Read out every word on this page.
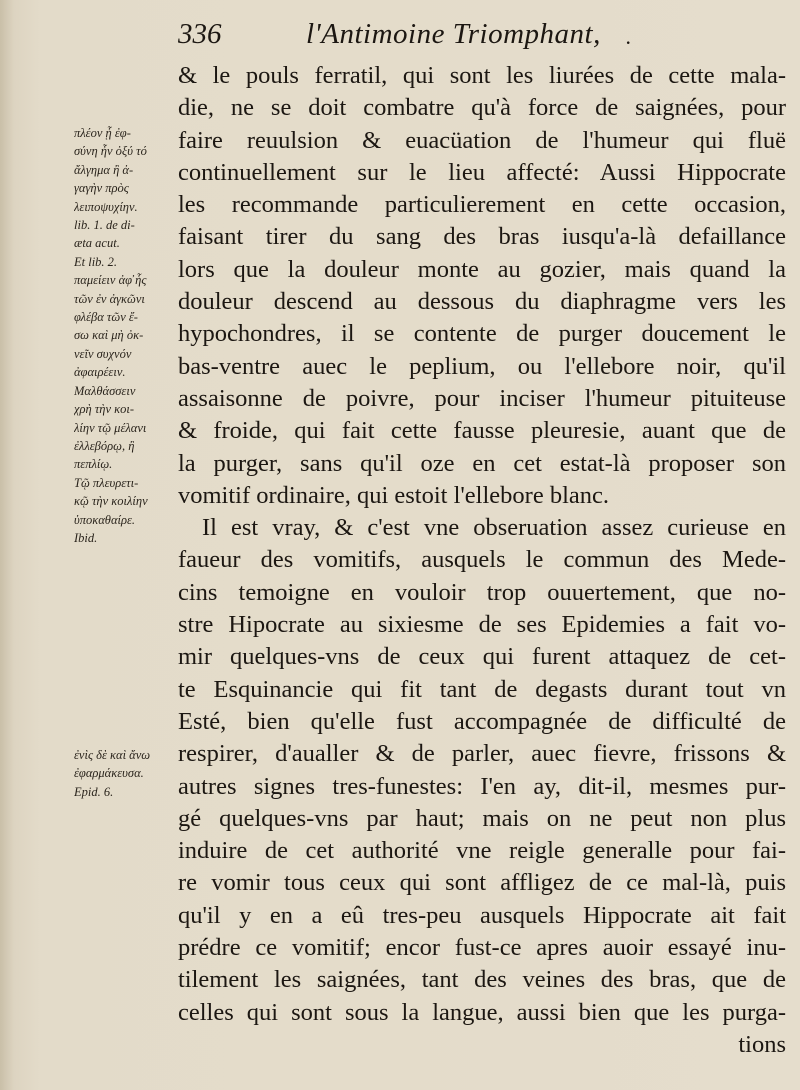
336	l'Antimoine Triomphant, .
& le pouls ferratil, qui sont les liurées de cette mala-
die, ne se doit combatre qu'à force de saignées, pour
faire reuulsion & euacüation de l'humeur qui fluë
continuellement sur le lieu affecté: Aussi Hippocrate
les recommande particulierement en cette occasion,
faisant tirer du sang des bras iusqu'a-là defaillance
lors que la douleur monte au gozier, mais quand la
douleur descend au dessous du diaphragme vers les
hypochondres, il se contente de purger doucement le
bas-ventre auec le peplium, ou l'ellebore noir, qu'il
assaisonne de poivre, pour inciser l'humeur pituiteuse
& froide, qui fait cette fausse pleuresie, auant que de
la purger, sans qu'il oze en cet estat-là proposer son
vomitif ordinaire, qui estoit l'ellebore blanc.
Il est vray, & c'est vne obseruation assez curieuse en
faueur des vomitifs, ausquels le commun des Mede-
cins temoigne en vouloir trop ouuertement, que no-
stre Hipocrate au sixiesme de ses Epidemies a fait vo-
mir quelques-vns de ceux qui furent attaquez de cet-
te Esquinancie qui fit tant de degasts durant tout vn
Esté, bien qu'elle fust accompagnée de difficulté de
respirer, d'aualler & de parler, auec fievre, frissons &
autres signes tres-funestes: I'en ay, dit-il, mesmes pur-
gé quelques-vns par haut; mais on ne peut non plus
induire de cet authorité vne reigle generalle pour fai-
re vomir tous ceux qui sont affligez de ce mal-là, puis
qu'il y en a eû tres-peu ausquels Hippocrate ait fait
prédre ce vomitif; encor fust-ce apres auoir essayé inu-
tilement les saignées, tant des veines des bras, que de
celles qui sont sous la langue, aussi bien que les purga-
tions
πλέον ᾗ ἐφ-
σύνη ἦν ὀξύ τό
ἄλγημα ἢ ἀ-
γαγὴν πρὸς
λειποψυχίην.
lib. 1. de di-
æta acut.
Et lib. 2.
παμείειν ἀφ̓ ἧς
τῶν ἐν ἀγκῶνι
φλέβα τῶν ἔ-
σω καὶ μὴ ὀκ-
νεῖν συχνόν
ἀφαιρέειν.
Μαλθάσσειν
χρὴ τὴν κοι-
λίην τῷ μέλανι
ἐλλεβόρῳ, ἢ
πεπλίῳ.
Τῷ πλευρετι-
κῷ τὴν κοιλίην
ὑποκαθαίρε.
Ibid.
ἐνὶς δὲ καὶ ἄνω
ἐφαρμάκευσα.
Epid. 6.
